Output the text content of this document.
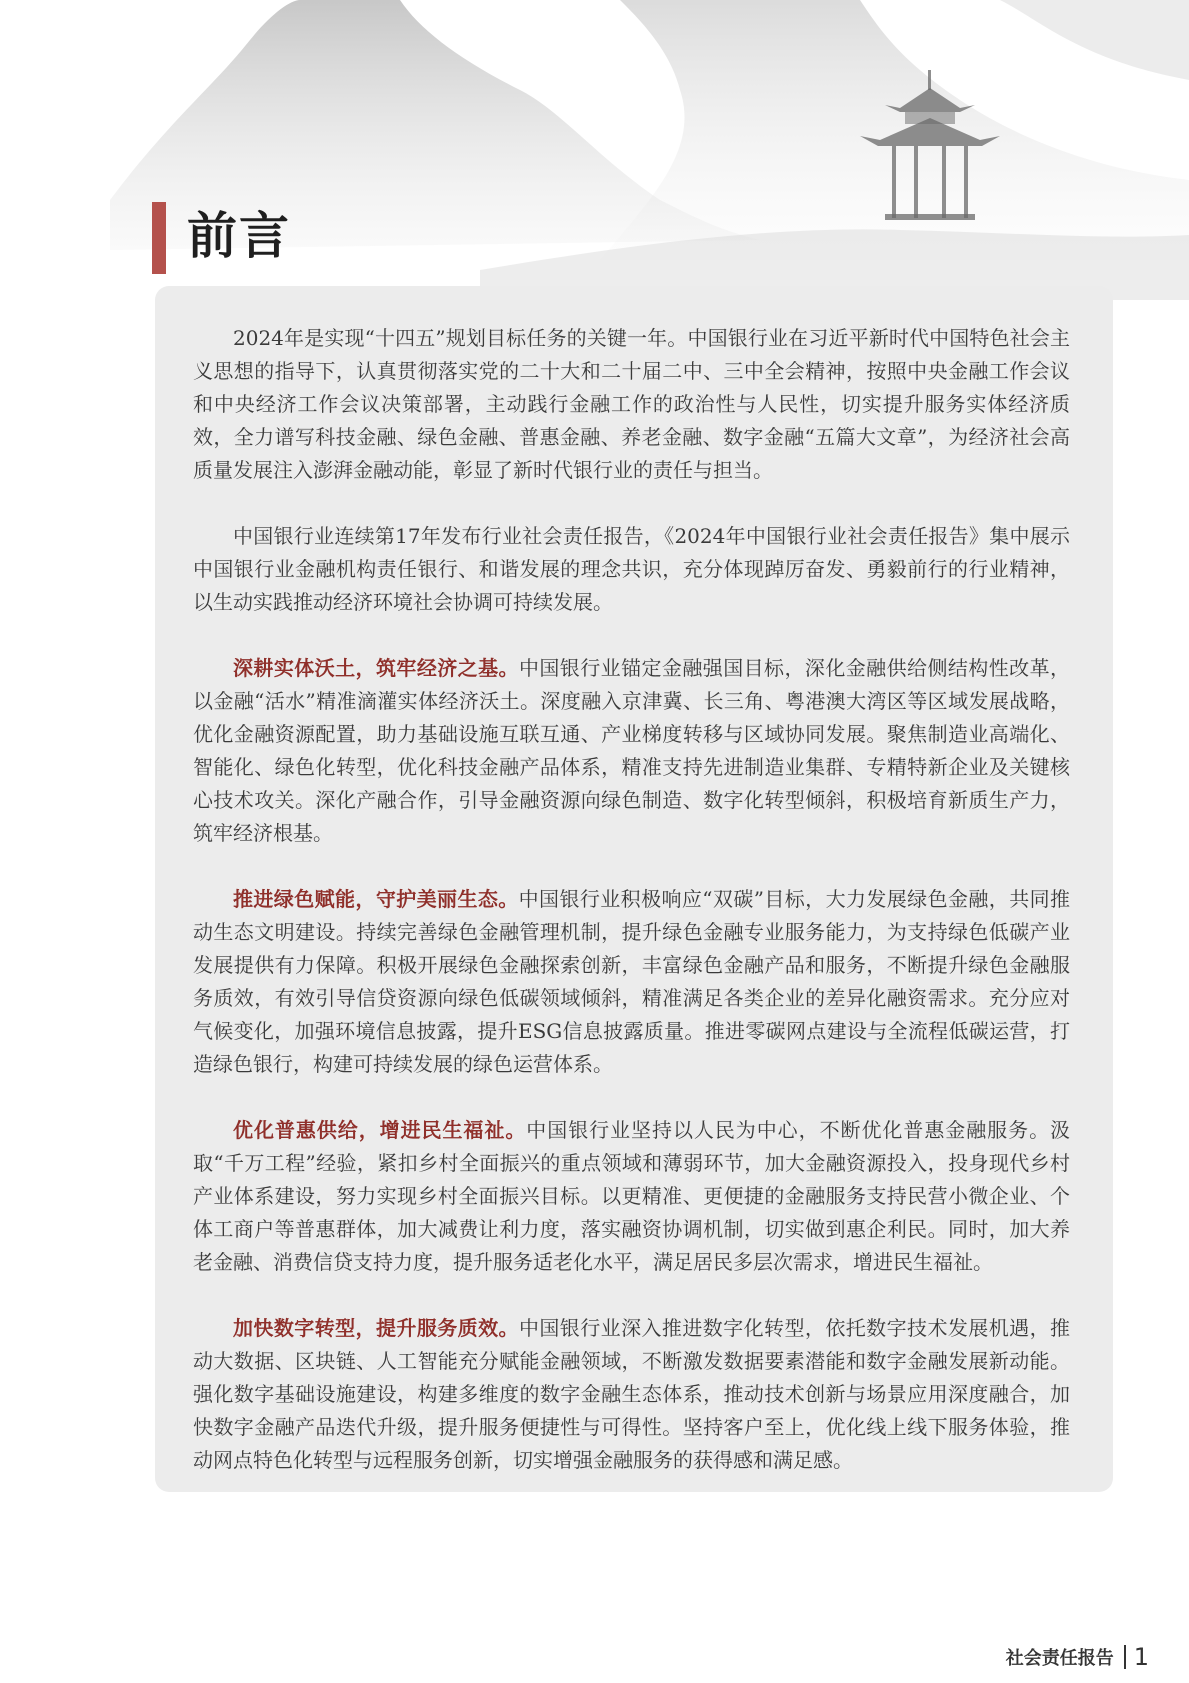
前言

2024年是实现“十四五”规划目标任务的关键一年。中国银行业在习近平新时代中国特色社会主义思想的指导下，认真贯彻落实党的二十大和二十届二中、三中全会精神，按照中央金融工作会议和中央经济工作会议决策部署，主动践行金融工作的政治性与人民性，切实提升服务实体经济质效，全力谱写科技金融、绿色金融、普惠金融、养老金融、数字金融“五篇大文章”，为经济社会高质量发展注入澎湃金融动能，彰显了新时代银行业的责任与担当。

中国银行业连续第17年发布行业社会责任报告，《2024年中国银行业社会责任报告》集中展示中国银行业金融机构责任银行、和谐发展的理念共识，充分体现踔厉奋发、勇毅前行的行业精神，以生动实践推动经济环境社会协调可持续发展。

深耕实体沃土，筑牢经济之基。中国银行业锚定金融强国目标，深化金融供给侧结构性改革，以金融“活水”精准滴灌实体经济沃土。深度融入京津冀、长三角、粤港澳大湾区等区域发展战略，优化金融资源配置，助力基础设施互联互通、产业梯度转移与区域协同发展。聚焦制造业高端化、智能化、绿色化转型，优化科技金融产品体系，精准支持先进制造业集群、专精特新企业及关键核心技术攻关。深化产融合作，引导金融资源向绿色制造、数字化转型倾斜，积极培育新质生产力，筑牢经济根基。

推进绿色赋能，守护美丽生态。中国银行业积极响应“双碳”目标，大力发展绿色金融，共同推动生态文明建设。持续完善绿色金融管理机制，提升绿色金融专业服务能力，为支持绿色低碳产业发展提供有力保障。积极开展绿色金融探索创新，丰富绿色金融产品和服务，不断提升绿色金融服务质效，有效引导信贷资源向绿色低碳领域倾斜，精准满足各类企业的差异化融资需求。充分应对气候变化，加强环境信息披露，提升ESG信息披露质量。推进零碳网点建设与全流程低碳运营，打造绿色银行，构建可持续发展的绿色运营体系。

优化普惠供给，增进民生福祉。中国银行业坚持以人民为中心，不断优化普惠金融服务。汲取“千万工程”经验，紧扣乡村全面振兴的重点领域和薄弱环节，加大金融资源投入，投身现代乡村产业体系建设，努力实现乡村全面振兴目标。以更精准、更便捷的金融服务支持民营小微企业、个体工商户等普惠群体，加大减费让利力度，落实融资协调机制，切实做到惠企利民。同时，加大养老金融、消费信贷支持力度，提升服务适老化水平，满足居民多层次需求，增进民生福祉。

加快数字转型，提升服务质效。中国银行业深入推进数字化转型，依托数字技术发展机遇，推动大数据、区块链、人工智能充分赋能金融领域，不断激发数据要素潜能和数字金融发展新动能。强化数字基础设施建设，构建多维度的数字金融生态体系，推动技术创新与场景应用深度融合，加快数字金融产品迭代升级，提升服务便捷性与可得性。坚持客户至上，优化线上线下服务体验，推动网点特色化转型与远程服务创新，切实增强金融服务的获得感和满足感。

社会责任报告 1
